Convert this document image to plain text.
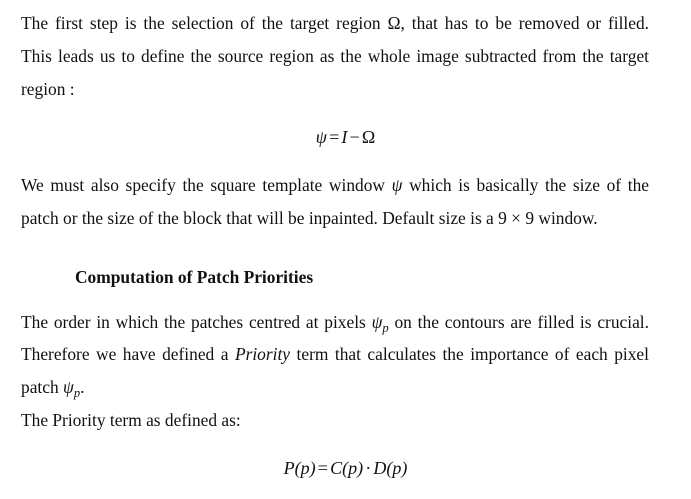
The first step is the selection of the target region Ω, that has to be removed or filled.
This leads us to define the source region as the whole image subtracted from the target
region :
ψ = I − Ω
We must also specify the square template window ψ which is basically the size of the
patch or the size of the block that will be inpainted. Default size is a 9 × 9 window.
Computation of Patch Priorities
The order in which the patches centred at pixels $\psi_p$ on the contours are filled is crucial.
Therefore we have defined a Priority term that calculates the importance of each pixel
patch $\psi_p$.
The Priority term as defined as:
P(p) = C(p) · D(p)
